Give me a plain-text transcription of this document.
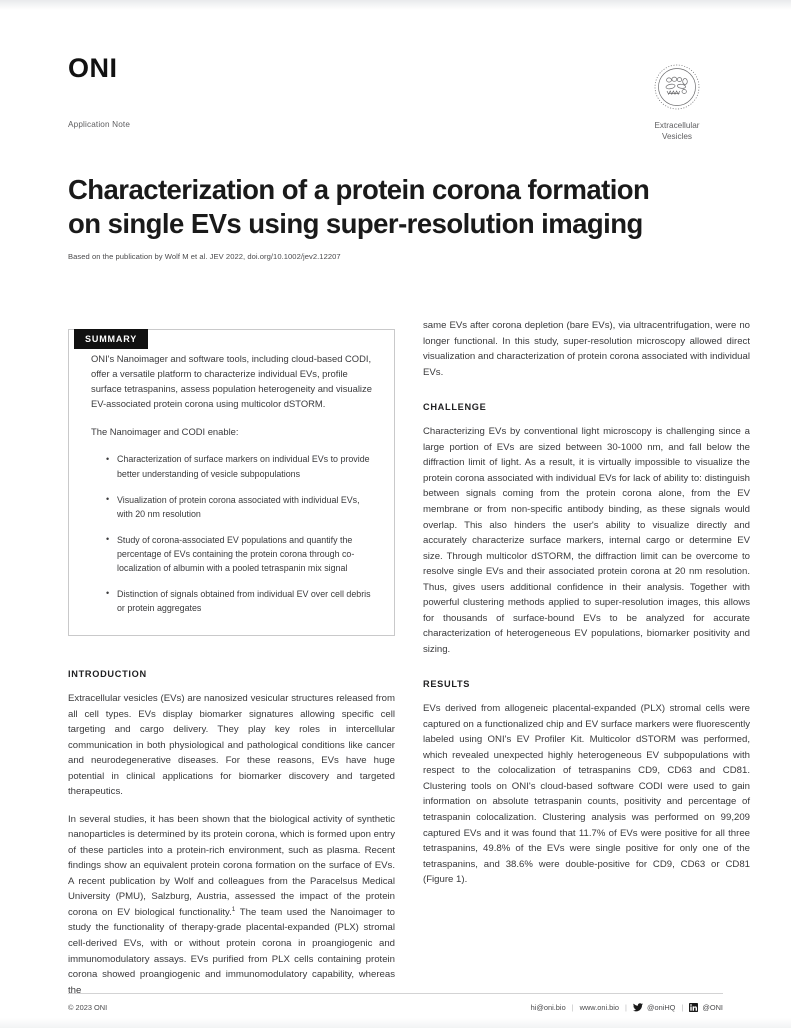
ONI
Application Note	Extracellular
Vesicles
Characterization of a protein corona formation on single EVs using super-resolution imaging
Based on the publication by Wolf M et al. JEV 2022, doi.org/10.1002/jev2.12207
SUMMARY

ONI's Nanoimager and software tools, including cloud-based CODI, offer a versatile platform to characterize individual EVs, profile surface tetraspanins, assess population heterogeneity and visualize EV-associated protein corona using multicolor dSTORM.

The Nanoimager and CODI enable:

• Characterization of surface markers on individual EVs to provide better understanding of vesicle subpopulations
• Visualization of protein corona associated with individual EVs, with 20 nm resolution
• Study of corona-associated EV populations and quantify the percentage of EVs containing the protein corona through co-localization of albumin with a pooled tetraspanin mix signal
• Distinction of signals obtained from individual EV over cell debris or protein aggregates
INTRODUCTION

Extracellular vesicles (EVs) are nanosized vesicular structures released from all cell types. EVs display biomarker signatures allowing specific cell targeting and cargo delivery. They play key roles in intercellular communication in both physiological and pathological conditions like cancer and neurodegenerative diseases. For these reasons, EVs have huge potential in clinical applications for biomarker discovery and targeted therapeutics.

In several studies, it has been shown that the biological activity of synthetic nanoparticles is determined by its protein corona, which is formed upon entry of these particles into a protein-rich environment, such as plasma. Recent findings show an equivalent protein corona formation on the surface of EVs. A recent publication by Wolf and colleagues from the Paracelsus Medical University (PMU), Salzburg, Austria, assessed the impact of the protein corona on EV biological functionality.$^1$ The team used the Nanoimager to study the functionality of therapy-grade placental-expanded (PLX) stromal cell-derived EVs, with or without protein corona in proangiogenic and immunomodulatory assays. EVs purified from PLX cells containing protein corona showed proangiogenic and immunomodulatory capability, whereas the

same EVs after corona depletion (bare EVs), via ultracentrifugation, were no longer functional. In this study, super-resolution microscopy allowed direct visualization and characterization of protein corona associated with individual EVs.

CHALLENGE

Characterizing EVs by conventional light microscopy is challenging since a large portion of EVs are sized between 30-1000 nm, and fall below the diffraction limit of light. As a result, it is virtually impossible to visualize the protein corona associated with individual EVs for lack of ability to: distinguish between signals coming from the protein corona alone, from the EV membrane or from non-specific antibody binding, as these signals would overlap. This also hinders the user's ability to visualize directly and accurately characterize surface markers, internal cargo or determine EV size. Through multicolor dSTORM, the diffraction limit can be overcome to resolve single EVs and their associated protein corona at 20 nm resolution. Thus, gives users additional confidence in their analysis. Together with powerful clustering methods applied to super-resolution images, this allows for thousands of surface-bound EVs to be analyzed for accurate characterization of heterogeneous EV populations, biomarker positivity and sizing.

RESULTS

EVs derived from allogeneic placental-expanded (PLX) stromal cells were captured on a functionalized chip and EV surface markers were fluorescently labeled using ONI's EV Profiler Kit. Multicolor dSTORM was performed, which revealed unexpected highly heterogeneous EV subpopulations with respect to the colocalization of tetraspanins CD9, CD63 and CD81. Clustering tools on ONI's cloud-based software CODI were used to gain information on absolute tetraspanin counts, positivity and percentage of tetraspanin colocalization. Clustering analysis was performed on 99,209 captured EVs and it was found that 11.7% of EVs were positive for all three tetraspanins, 49.8% of the EVs were single positive for only one of the tetraspanins, and 38.6% were double-positive for CD9, CD63 or CD81 (Figure 1).

© 2023 ONI	hi@oni.bio | www.oni.bio |	@oniHQ |	@ONI
